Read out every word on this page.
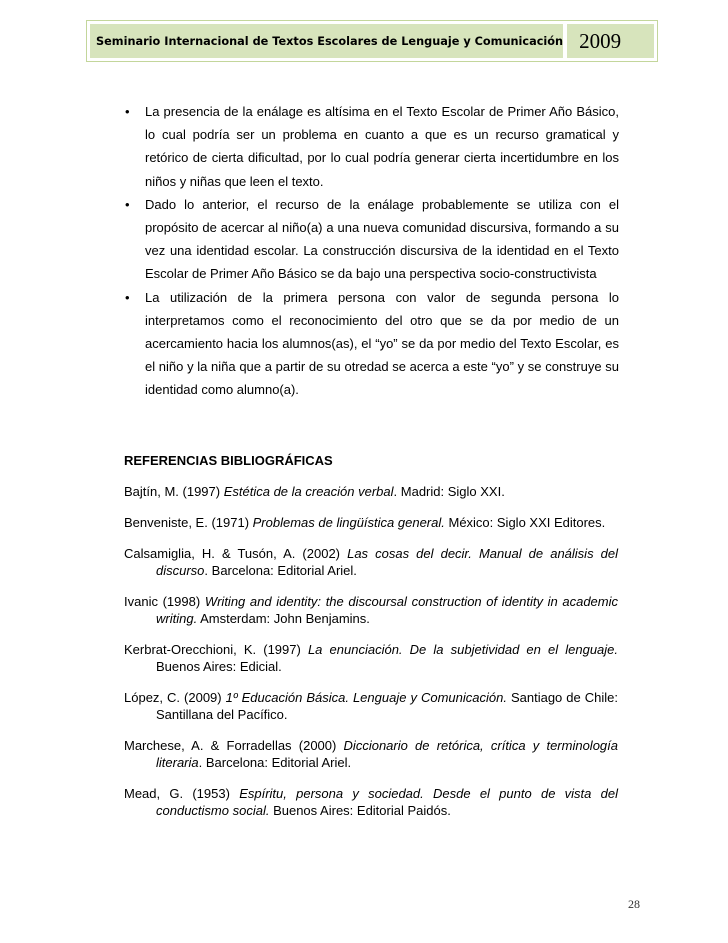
Seminario Internacional de Textos Escolares de Lenguaje y Comunicación 2009
• La presencia de la enálage es altísima en el Texto Escolar de Primer Año Básico, lo cual podría ser un problema en cuanto a que es un recurso gramatical y retórico de cierta dificultad, por lo cual podría generar cierta incertidumbre en los niños y niñas que leen el texto.
• Dado lo anterior, el recurso de la enálage probablemente se utiliza con el propósito de acercar al niño(a) a una nueva comunidad discursiva, formando a su vez una identidad escolar. La construcción discursiva de la identidad en el Texto Escolar de Primer Año Básico se da bajo una perspectiva socio-constructivista
• La utilización de la primera persona con valor de segunda persona lo interpretamos como el reconocimiento del otro que se da por medio de un acercamiento hacia los alumnos(as), el “yo” se da por medio del Texto Escolar, es el niño y la niña que a partir de su otredad se acerca a este “yo” y se construye su identidad como alumno(a).
REFERENCIAS BIBLIOGRÁFICAS
Bajtín, M. (1997) Estética de la creación verbal. Madrid: Siglo XXI.
Benveniste, E. (1971) Problemas de lingüística general. México: Siglo XXI Editores.
Calsamiglia, H. & Tusón, A. (2002) Las cosas del decir. Manual de análisis del discurso. Barcelona: Editorial Ariel.
Ivanic (1998) Writing and identity: the discoursal construction of identity in academic writing. Amsterdam: John Benjamins.
Kerbrat-Orecchioni, K. (1997) La enunciación. De la subjetividad en el lenguaje. Buenos Aires: Edicial.
López, C. (2009) 1º Educación Básica. Lenguaje y Comunicación. Santiago de Chile: Santillana del Pacífico.
Marchese, A. & Forradellas (2000) Diccionario de retórica, crítica y terminología literaria. Barcelona: Editorial Ariel.
Mead, G. (1953) Espíritu, persona y sociedad. Desde el punto de vista del conductismo social. Buenos Aires: Editorial Paidós.
28
